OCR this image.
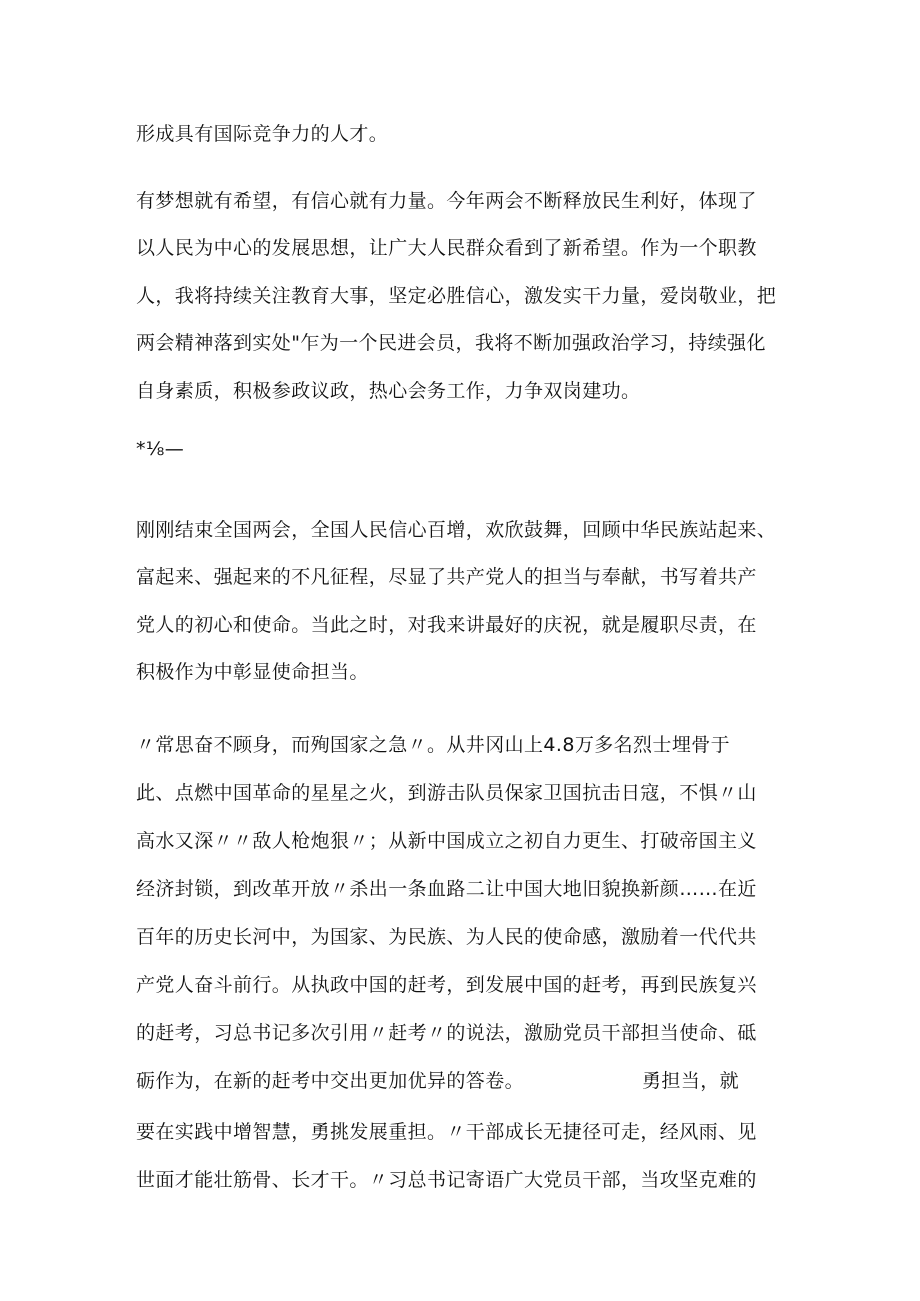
形成具有国际竞争力的人才。
有梦想就有希望，有信心就有力量。今年两会不断释放民生利好，体现了
以人民为中心的发展思想，让广大人民群众看到了新希望。作为一个职教
人，我将持续关注教育大事，坚定必胜信心，激发实干力量，爱岗敬业，把
两会精神落到实处"乍为一个民进会员，我将不断加强政治学习，持续强化
自身素质，积极参政议政，热心会务工作，力争双岗建功。
*⅛—
刚刚结束全国两会，全国人民信心百增，欢欣鼓舞，回顾中华民族站起来、
富起来、强起来的不凡征程，尽显了共产党人的担当与奉献，书写着共产
党人的初心和使命。当此之时，对我来讲最好的庆祝，就是履职尽责，在
积极作为中彰显使命担当。
〃常思奋不顾身，而殉国家之急〃。从井冈山上4.8万多名烈士埋骨于
此、点燃中国革命的星星之火，到游击队员保家卫国抗击日寇，不惧〃山
高水又深〃〃敌人枪炮狠〃；从新中国成立之初自力更生、打破帝国主义
经济封锁，到改革开放〃杀出一条血路二让中国大地旧貌换新颜……在近
百年的历史长河中，为国家、为民族、为人民的使命感，激励着一代代共
产党人奋斗前行。从执政中国的赶考，到发展中国的赶考，再到民族复兴
的赶考，习总书记多次引用〃赶考〃的说法，激励党员干部担当使命、砥
砺作为，在新的赶考中交出更加优异的答卷。	勇担当，就
要在实践中增智慧，勇挑发展重担。〃干部成长无捷径可走，经风雨、见
世面才能壮筋骨、长才干。〃习总书记寄语广大党员干部，当攻坚克难的
